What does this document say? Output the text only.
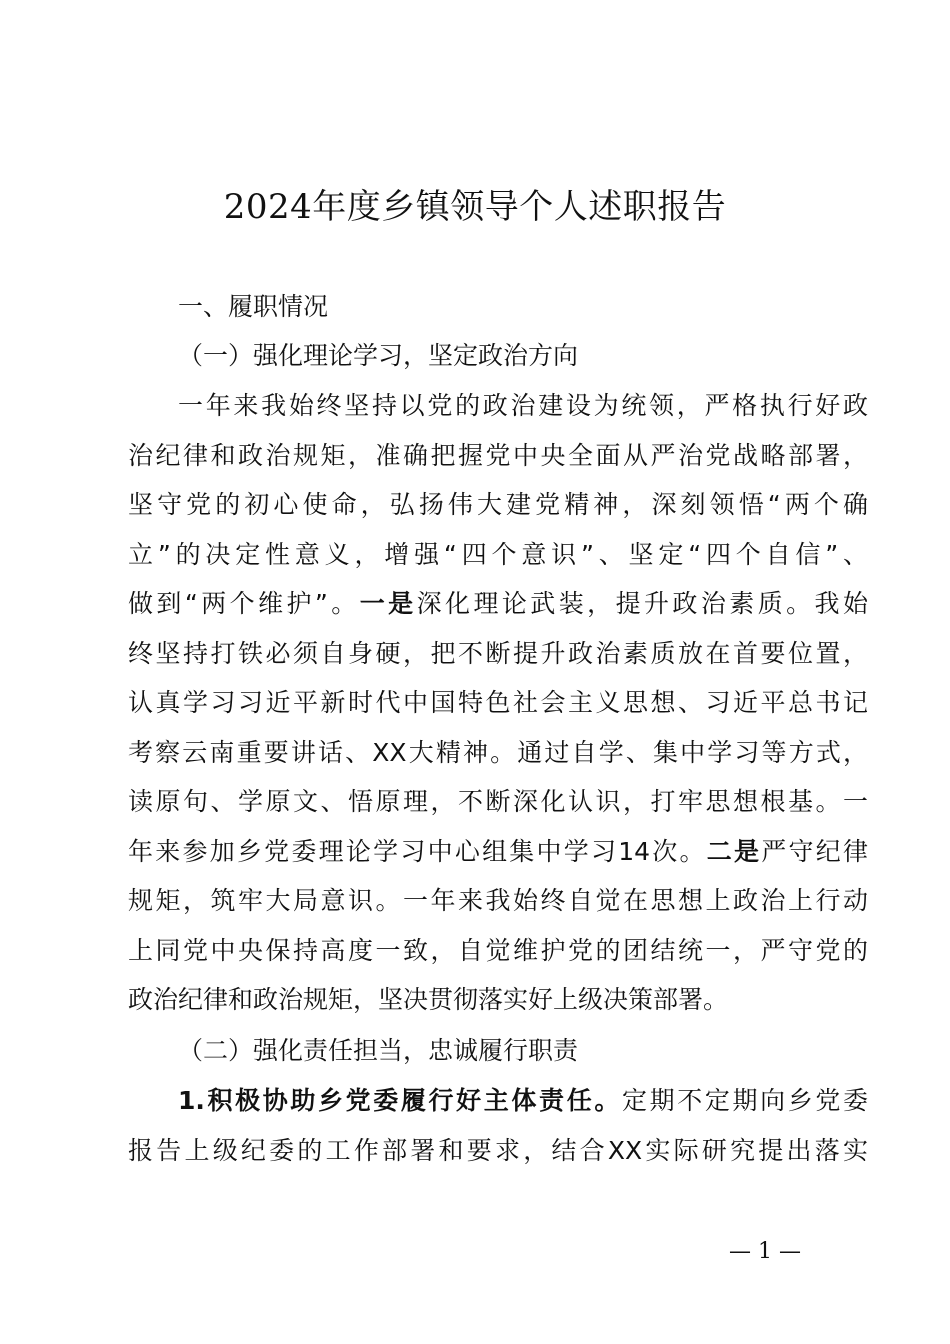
2024年度乡镇领导个人述职报告
一、履职情况
（一）强化理论学习，坚定政治方向
一年来我始终坚持以党的政治建设为统领，严格执行好政
治纪律和政治规矩，准确把握党中央全面从严治党战略部署，
坚守党的初心使命，弘扬伟大建党精神，深刻领悟“两个确
立”的决定性意义，增强“四个意识”、坚定“四个自信”、
做到“两个维护”。一是深化理论武装，提升政治素质。我始
终坚持打铁必须自身硬，把不断提升政治素质放在首要位置，
认真学习习近平新时代中国特色社会主义思想、习近平总书记
考察云南重要讲话、XX大精神。通过自学、集中学习等方式，
读原句、学原文、悟原理，不断深化认识，打牢思想根基。一
年来参加乡党委理论学习中心组集中学习14次。二是严守纪律
规矩，筑牢大局意识。一年来我始终自觉在思想上政治上行动
上同党中央保持高度一致，自觉维护党的团结统一，严守党的
政治纪律和政治规矩，坚决贯彻落实好上级决策部署。
（二）强化责任担当，忠诚履行职责
1.积极协助乡党委履行好主体责任。定期不定期向乡党委
报告上级纪委的工作部署和要求，结合XX实际研究提出落实
— 1 —
